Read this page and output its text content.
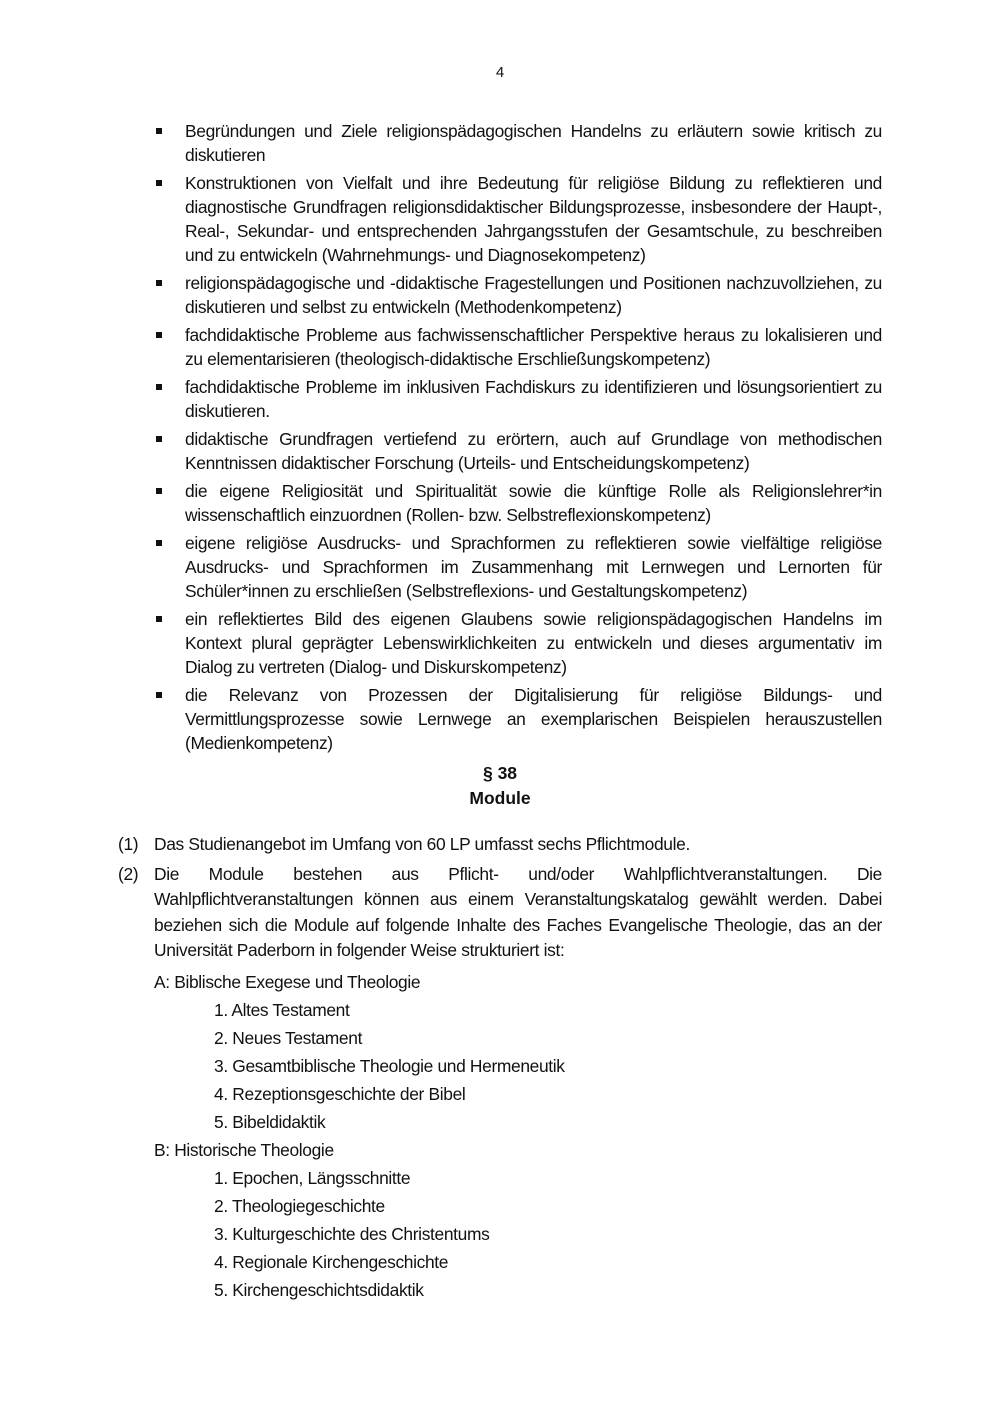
4
Begründungen und Ziele religionspädagogischen Handelns zu erläutern sowie kritisch zu diskutieren
Konstruktionen von Vielfalt und ihre Bedeutung für religiöse Bildung zu reflektieren und diagnostische Grundfragen religionsdidaktischer Bildungsprozesse, insbesondere der Haupt-, Real-, Sekundar- und entsprechenden Jahrgangsstufen der Gesamtschule, zu beschreiben und zu entwickeln (Wahrnehmungs- und Diagnosekompetenz)
religionspädagogische und -didaktische Fragestellungen und Positionen nachzuvollziehen, zu diskutieren und selbst zu entwickeln (Methodenkompetenz)
fachdidaktische Probleme aus fachwissenschaftlicher Perspektive heraus zu lokalisieren und zu elementarisieren (theologisch-didaktische Erschließungskompetenz)
fachdidaktische Probleme im inklusiven Fachdiskurs zu identifizieren und lösungsorientiert zu diskutieren.
didaktische Grundfragen vertiefend zu erörtern, auch auf Grundlage von methodischen Kenntnissen didaktischer Forschung (Urteils- und Entscheidungskompetenz)
die eigene Religiosität und Spiritualität sowie die künftige Rolle als Religionslehrer*in wissenschaftlich einzuordnen (Rollen- bzw. Selbstreflexionskompetenz)
eigene religiöse Ausdrucks- und Sprachformen zu reflektieren sowie vielfältige religiöse Ausdrucks- und Sprachformen im Zusammenhang mit Lernwegen und Lernorten für Schüler*innen zu erschließen (Selbstreflexions- und Gestaltungskompetenz)
ein reflektiertes Bild des eigenen Glaubens sowie religionspädagogischen Handelns im Kontext plural geprägter Lebenswirklichkeiten zu entwickeln und dieses argumentativ im Dialog zu vertreten (Dialog- und Diskurskompetenz)
die Relevanz von Prozessen der Digitalisierung für religiöse Bildungs- und Vermittlungsprozesse sowie Lernwege an exemplarischen Beispielen herauszustellen (Medienkompetenz)
§ 38
Module
(1) Das Studienangebot im Umfang von 60 LP umfasst sechs Pflichtmodule.
(2) Die Module bestehen aus Pflicht- und/oder Wahlpflichtveranstaltungen. Die Wahlpflichtveranstaltungen können aus einem Veranstaltungskatalog gewählt werden. Dabei beziehen sich die Module auf folgende Inhalte des Faches Evangelische Theologie, das an der Universität Paderborn in folgender Weise strukturiert ist:
A: Biblische Exegese und Theologie
1. Altes Testament
2. Neues Testament
3. Gesamtbiblische Theologie und Hermeneutik
4. Rezeptionsgeschichte der Bibel
5. Bibeldidaktik
B: Historische Theologie
1. Epochen, Längsschnitte
2. Theologiegeschichte
3. Kulturgeschichte des Christentums
4. Regionale Kirchengeschichte
5. Kirchengeschichtsdidaktik
